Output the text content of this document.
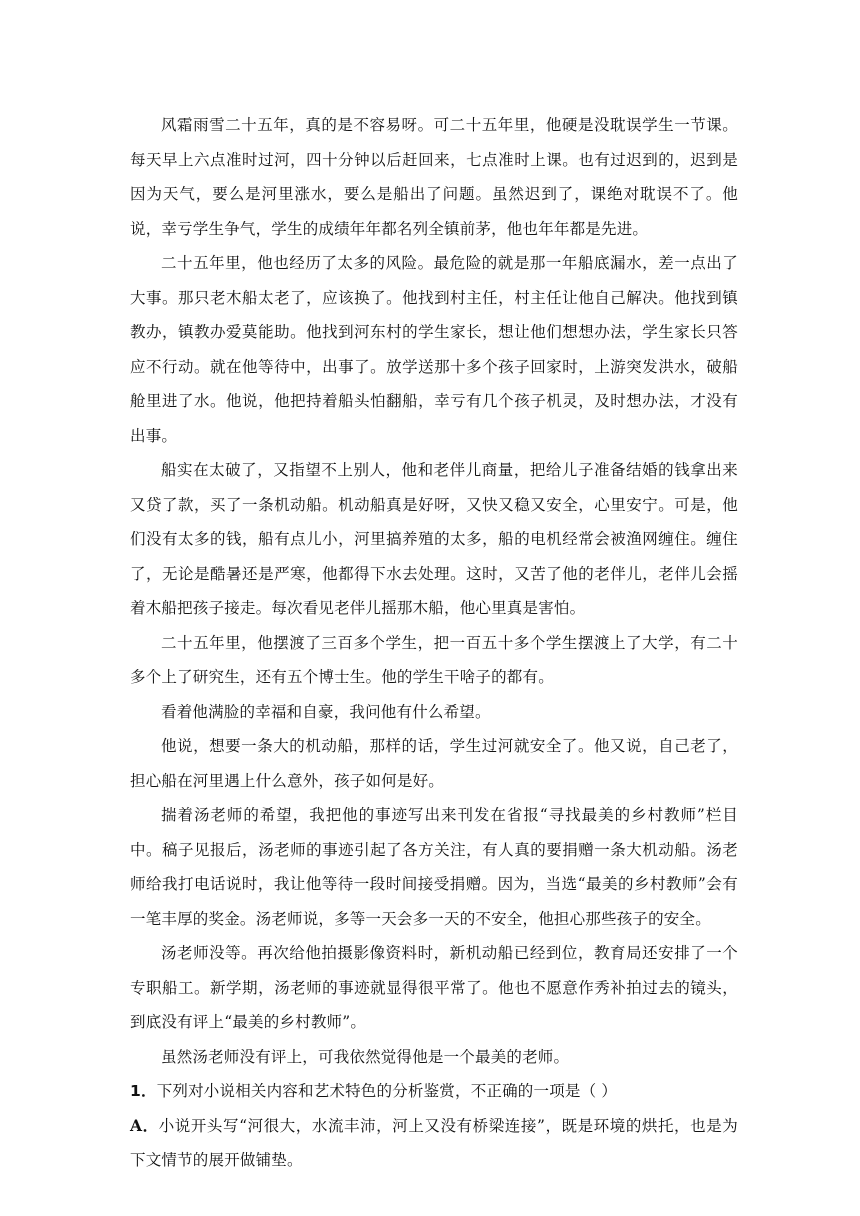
风霜雨雪二十五年，真的是不容易呀。可二十五年里，他硬是没耽误学生一节课。每天早上六点准时过河，四十分钟以后赶回来，七点准时上课。也有过迟到的，迟到是因为天气，要么是河里涨水，要么是船出了问题。虽然迟到了，课绝对耽误不了。他说，幸亏学生争气，学生的成绩年年都名列全镇前茅，他也年年都是先进。

二十五年里，他也经历了太多的风险。最危险的就是那一年船底漏水，差一点出了大事。那只老木船太老了，应该换了。他找到村主任，村主任让他自己解决。他找到镇教办，镇教办爱莫能助。他找到河东村的学生家长，想让他们想想办法，学生家长只答应不行动。就在他等待中，出事了。放学送那十多个孩子回家时，上游突发洪水，破船舱里进了水。他说，他把持着船头怕翻船，幸亏有几个孩子机灵，及时想办法，才没有出事。

船实在太破了，又指望不上别人，他和老伴儿商量，把给儿子准备结婚的钱拿出来又贷了款，买了一条机动船。机动船真是好呀，又快又稳又安全，心里安宁。可是，他们没有太多的钱，船有点儿小，河里搞养殖的太多，船的电机经常会被渔网缠住。缠住了，无论是酷暑还是严寒，他都得下水去处理。这时，又苦了他的老伴儿，老伴儿会摇着木船把孩子接走。每次看见老伴儿摇那木船，他心里真是害怕。

二十五年里，他摆渡了三百多个学生，把一百五十多个学生摆渡上了大学，有二十多个上了研究生，还有五个博士生。他的学生干啥子的都有。

看着他满脸的幸福和自豪，我问他有什么希望。

他说，想要一条大的机动船，那样的话，学生过河就安全了。他又说，自己老了，担心船在河里遇上什么意外，孩子如何是好。

揣着汤老师的希望，我把他的事迹写出来刊发在省报“寻找最美的乡村教师”栏目中。稿子见报后，汤老师的事迹引起了各方关注，有人真的要捐赠一条大机动船。汤老师给我打电话说时，我让他等待一段时间接受捐赠。因为，当选“最美的乡村教师”会有一笔丰厚的奖金。汤老师说，多等一天会多一天的不安全，他担心那些孩子的安全。

汤老师没等。再次给他拍摄影像资料时，新机动船已经到位，教育局还安排了一个专职船工。新学期，汤老师的事迹就显得很平常了。他也不愿意作秀补拍过去的镜头，到底没有评上“最美的乡村教师”。

虽然汤老师没有评上，可我依然觉得他是一个最美的老师。

1．下列对小说相关内容和艺术特色的分析鉴赏，不正确的一项是（ ）

A．小说开头写“河很大，水流丰沛，河上又没有桥梁连接”，既是环境的烘托，也是为下文情节的展开做铺垫。
